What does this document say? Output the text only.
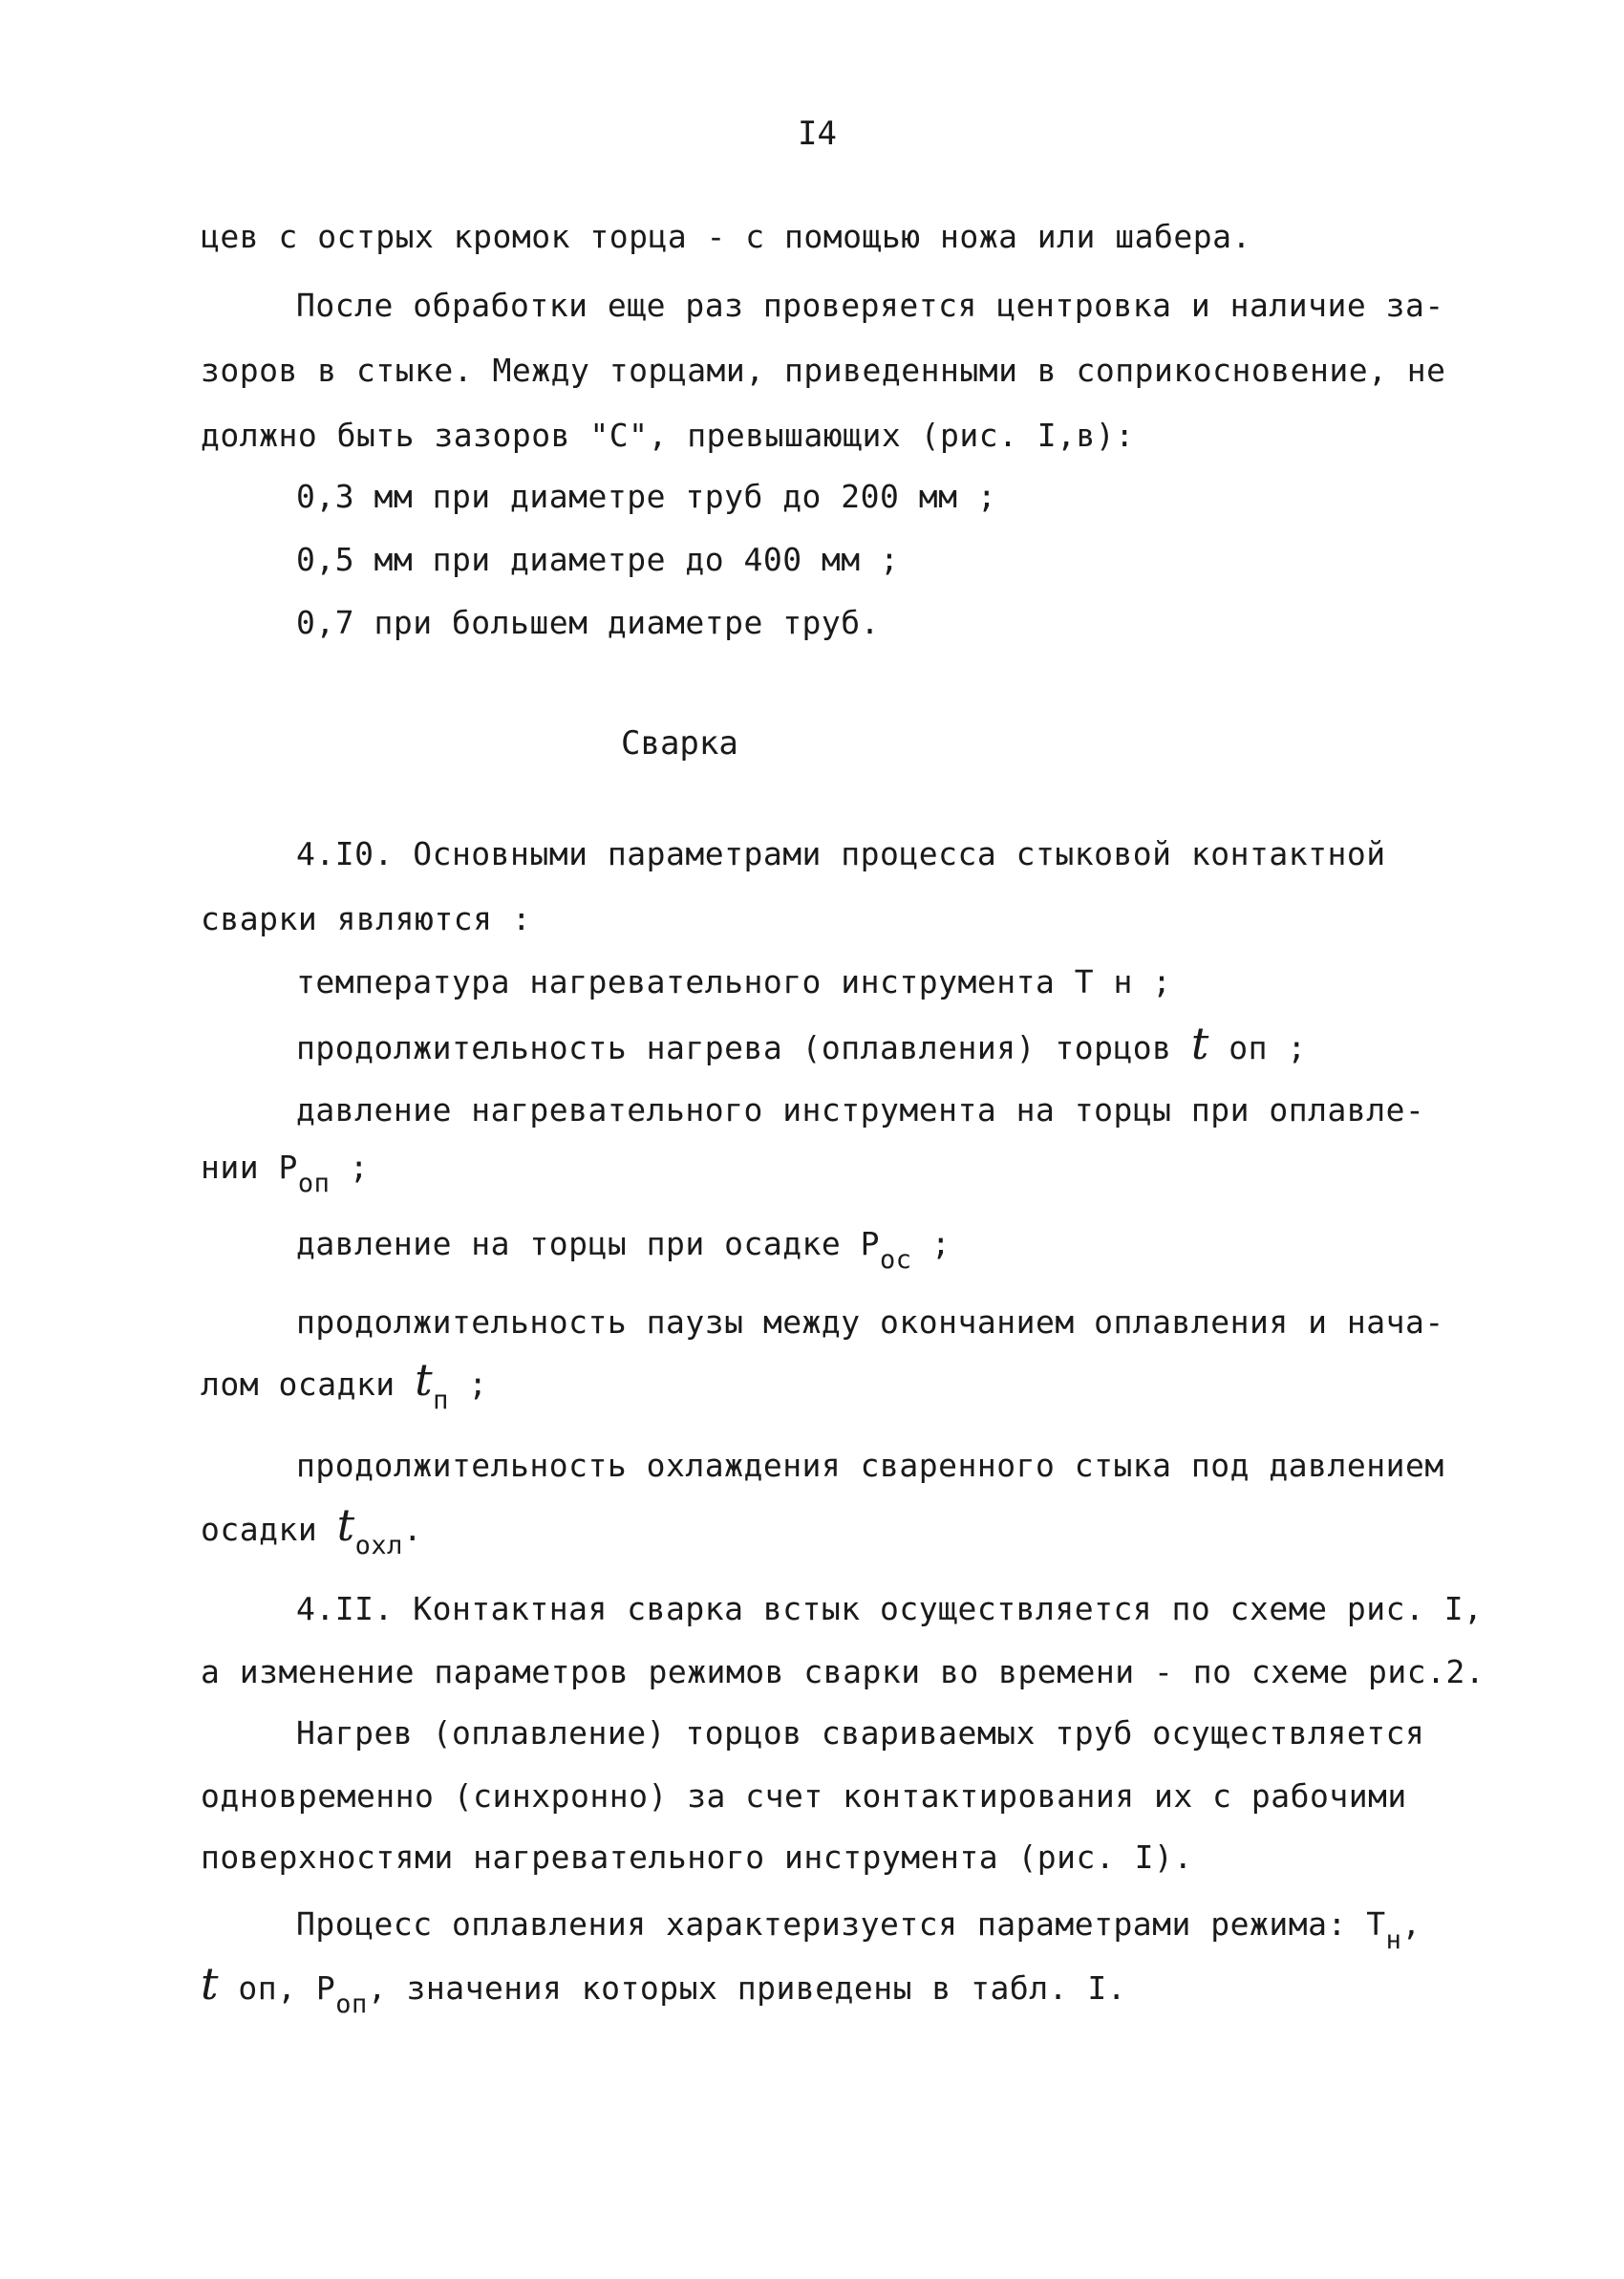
I4
цев с острых кромок торца - с помощью ножа или шабера.
После обработки еще раз проверяется центровка и наличие за-
зоров в стыке. Между торцами, приведенными в соприкосновение, не
должно быть зазоров "С", превышающих (рис. I,в):
0,3 мм при диаметре труб до 200 мм ;
0,5 мм при диаметре до 400 мм ;
0,7 при большем диаметре труб.
Сварка
4.I0. Основными параметрами процесса стыковой контактной
сварки являются :
температура нагревательного инструмента Т н ;
продолжительность нагрева (оплавления) торцов t оп ;
давление нагревательного инструмента на торцы при оплавле-
нии $Р_{оп}$ ;
давление на торцы при осадке $Р_{ос}$ ;
продолжительность паузы между окончанием оплавления и нача-
лом осадки $t_п$ ;
продолжительность охлаждения сваренного стыка под давлением
осадки $t_{охл}$.
4.II. Контактная сварка встык осуществляется по схеме рис. I,
а изменение параметров режимов сварки во времени - по схеме рис.2.
Нагрев (оплавление) торцов свариваемых труб осуществляется
одновременно (синхронно) за счет контактирования их с рабочими
поверхностями нагревательного инструмента (рис. I).
Процесс оплавления характеризуется параметрами режима: $Т_н$,
t оп, $Р_{оп}$, значения которых приведены в табл. I.
